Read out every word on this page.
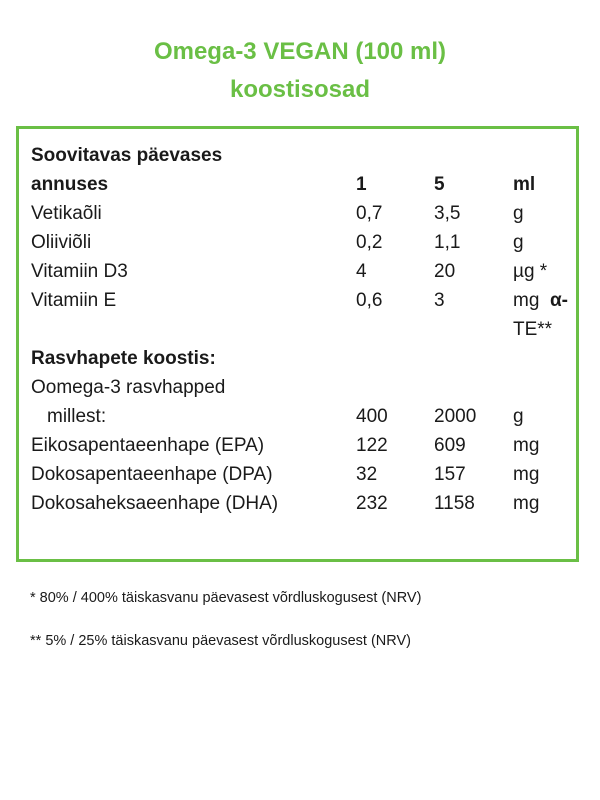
Omega-3 VEGAN (100 ml)
koostisosad
Soovitavas päevases
annuses	1	5	ml
Vetikaõli	0,7	3,5	g
Oliiviõli	0,2	1,1	g
Vitamiin D3	4	20	µg *
Vitamiin E	0,6	3	mg α-
TE**
Rasvhapete koostis:
Oomega-3 rasvhapped
millest:	400 2000 g
Eikosapentaeenhape (EPA)	122 609 mg
Dokosapentaeenhape (DPA)	32	157 mg
Dokosaheksaeenhape (DHA)	232 1158 mg
* 80% / 400% täiskasvanu päevasest võrdluskogusest (NRV)
** 5% / 25% täiskasvanu päevasest võrdluskogusest (NRV)
